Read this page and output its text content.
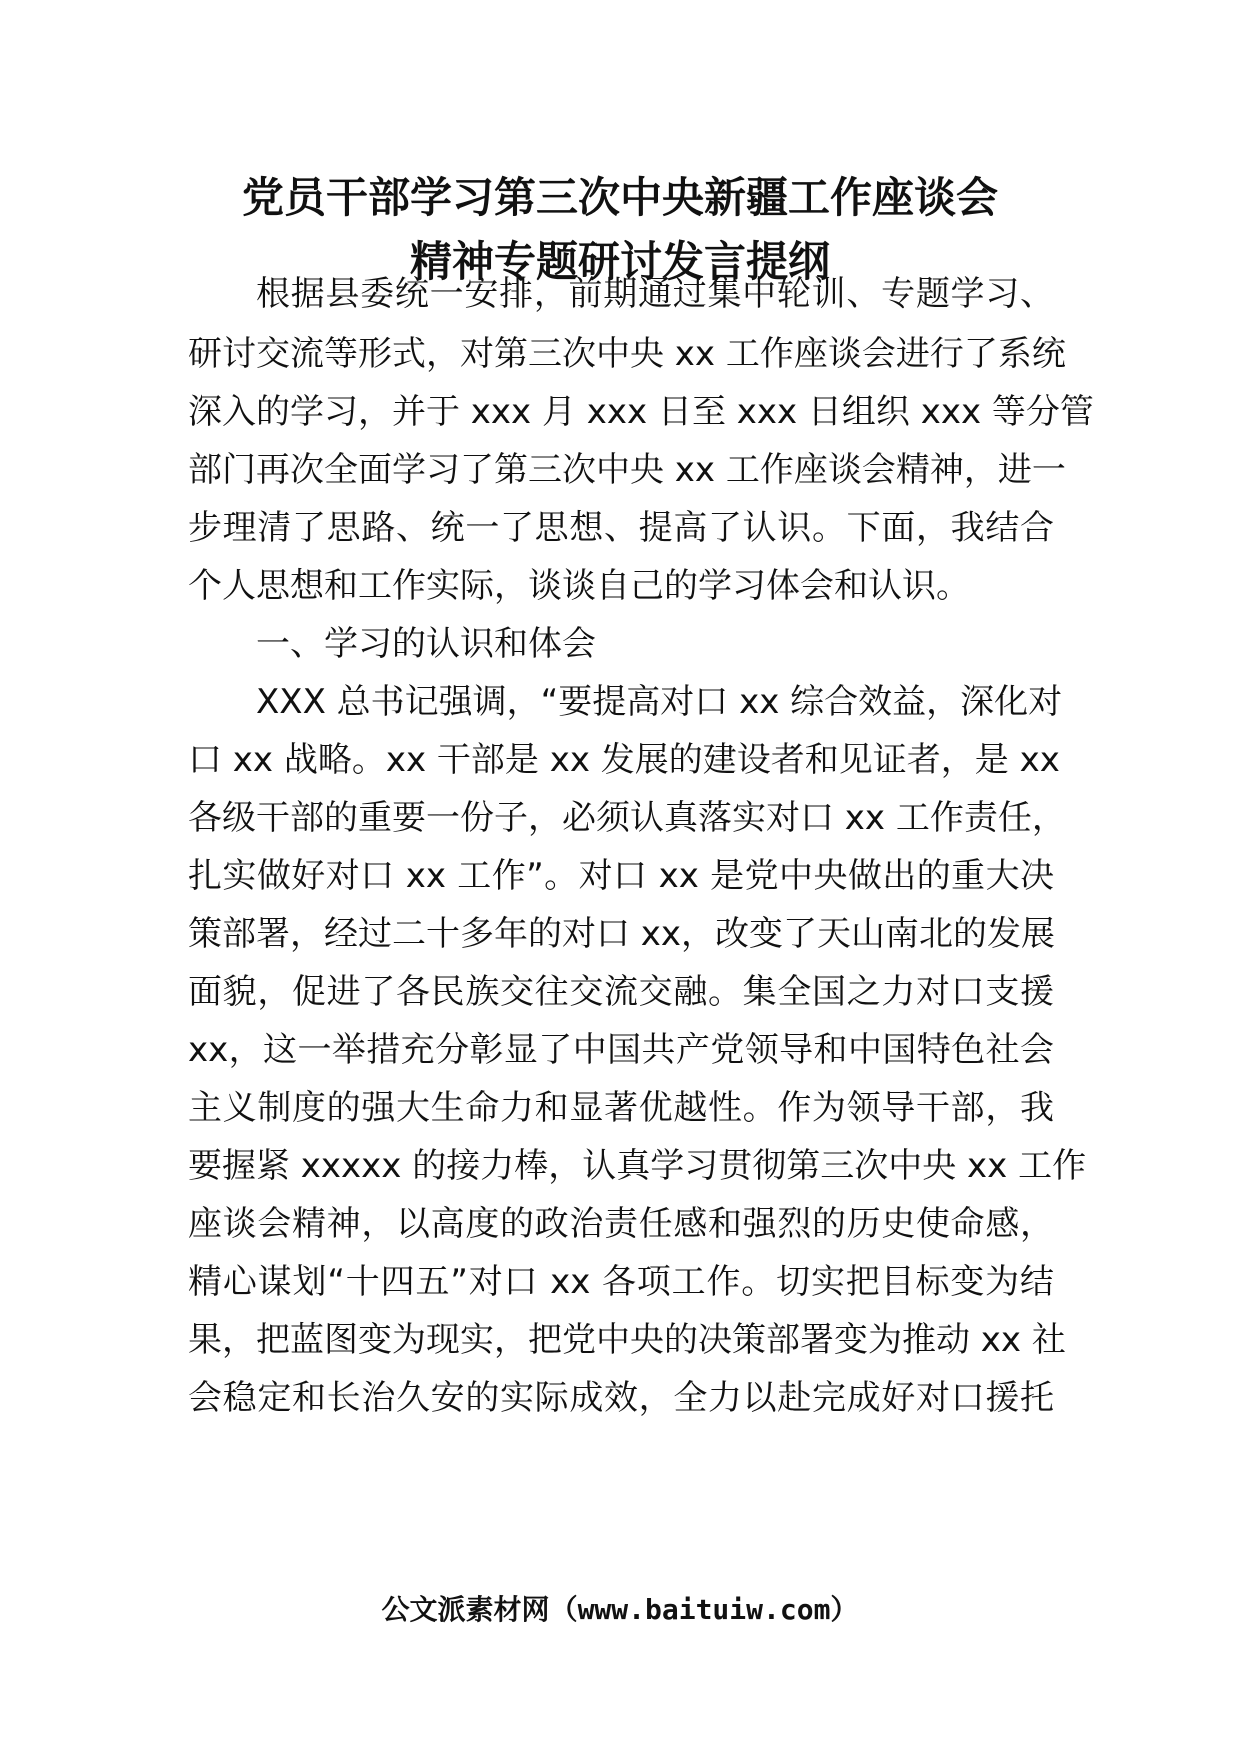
党员干部学习第三次中央新疆工作座谈会
精神专题研讨发言提纲
根据县委统一安排，前期通过集中轮训、专题学习、
研讨交流等形式，对第三次中央 xx 工作座谈会进行了系统
深入的学习，并于 xxx 月 xxx 日至 xxx 日组织 xxx 等分管
部门再次全面学习了第三次中央 xx 工作座谈会精神，进一
步理清了思路、统一了思想、提高了认识。下面，我结合
个人思想和工作实际，谈谈自己的学习体会和认识。
一、学习的认识和体会
XXX 总书记强调，“要提高对口 xx 综合效益，深化对
口 xx 战略。xx 干部是 xx 发展的建设者和见证者，是 xx
各级干部的重要一份子，必须认真落实对口 xx 工作责任，
扎实做好对口 xx 工作”。对口 xx 是党中央做出的重大决
策部署，经过二十多年的对口 xx，改变了天山南北的发展
面貌，促进了各民族交往交流交融。集全国之力对口支援
xx，这一举措充分彰显了中国共产党领导和中国特色社会
主义制度的强大生命力和显著优越性。作为领导干部，我
要握紧 xxxxx 的接力棒，认真学习贯彻第三次中央 xx 工作
座谈会精神，以高度的政治责任感和强烈的历史使命感，
精心谋划“十四五”对口 xx 各项工作。切实把目标变为结
果，把蓝图变为现实，把党中央的决策部署变为推动 xx 社
会稳定和长治久安的实际成效，全力以赴完成好对口援托
公文派素材网（www.baituiw.com）
